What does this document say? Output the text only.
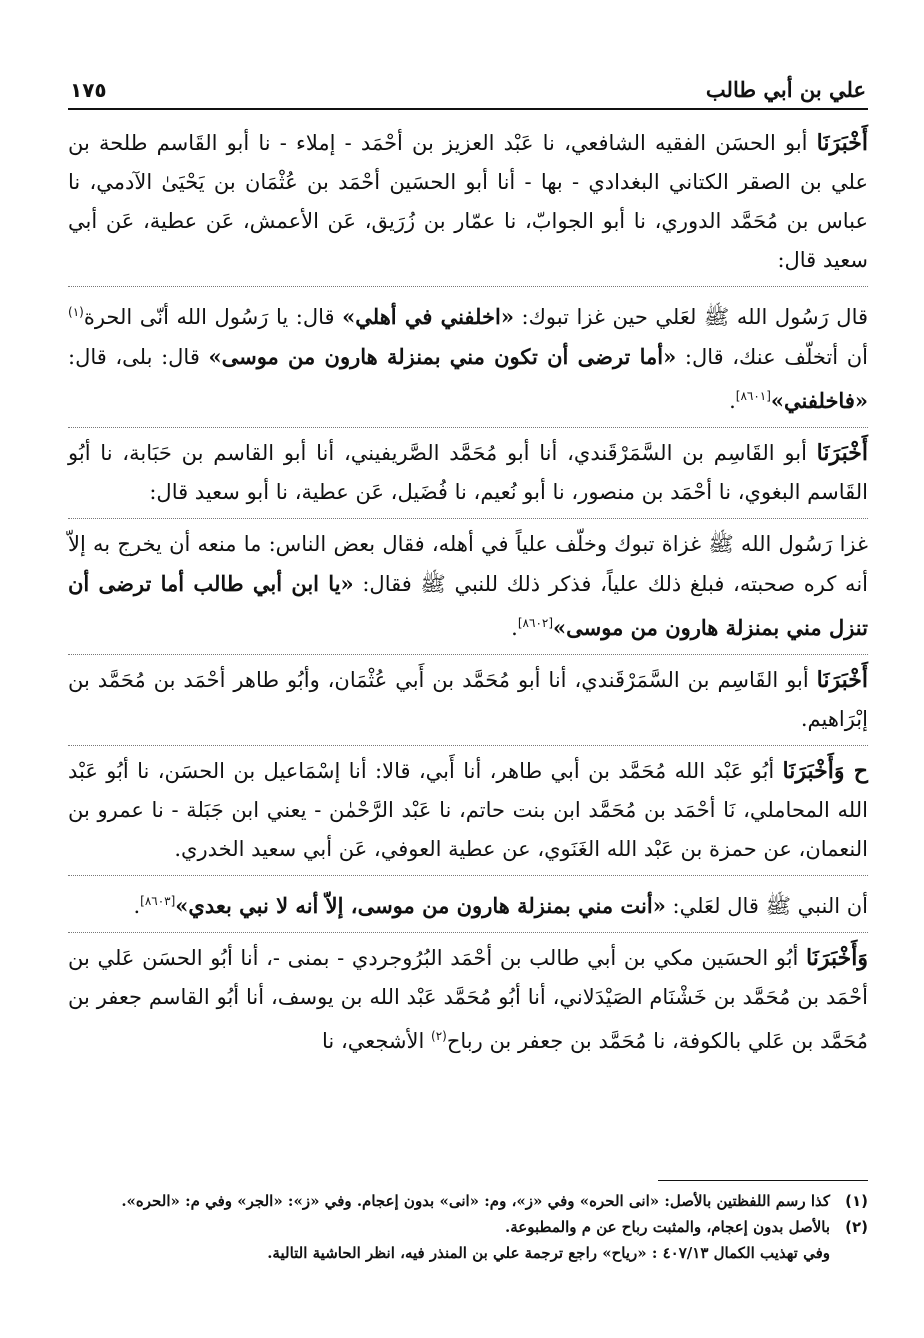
علي بن أبي طالب
١٧٥

أَخْبَرَنَا أبو الحسَن الفقيه الشافعي، نا عَبْد العزيز بن أحْمَد - إملاء - نا أبو القَاسم طلحة بن علي بن الصقر الكتاني البغدادي - بها - أنا أبو الحسَين أحْمَد بن عُثْمَان بن يَحْيَىٰ الآدمي، نا عباس بن مُحَمَّد الدوري، نا أبو الجوابّ، نا عمّار بن زُرَيق، عَن الأعمش، عَن عطية، عَن أبي سعيد قال:

قال رَسُول الله ﷺ لعَلي حين غزا تبوك: «اخلفني في أهلي» قال: يا رَسُول الله أنّى الحرة$^{(١)}$ أن أتخلّف عنك، قال: «أما ترضى أن تكون مني بمنزلة هارون من موسى» قال: بلى، قال: «فاخلفني»[٨٦٠١].

أَخْبَرَنَا أبو القَاسِم بن السَّمَرْقَندي، أنا أبو مُحَمَّد الصَّريفيني، أنا أبو القاسم بن حَبَابة، نا أبُو القَاسم البغوي، نا أحْمَد بن منصور، نا أبو نُعيم، نا فُضَيل، عَن عطية، نا أبو سعيد قال:

غزا رَسُول الله ﷺ غزاة تبوك وخلّف علياً في أهله، فقال بعض الناس: ما منعه أن يخرج به إلاّ أنه كره صحبته، فبلغ ذلك علياً، فذكر ذلك للنبي ﷺ فقال: «يا ابن أبي طالب أما ترضى أن تنزل مني بمنزلة هارون من موسى»[٨٦٠٢].

أَخْبَرَنَا أبو القَاسِم بن السَّمَرْقَندي، أنا أبو مُحَمَّد بن أَبي عُثْمَان، وأبُو طاهر أحْمَد بن مُحَمَّد بن إبْرَاهيم.

ح وَأَخْبَرَنَا أبُو عَبْد الله مُحَمَّد بن أبي طاهر، أنا أَبي، قالا: أنا إسْمَاعيل بن الحسَن، نا أبُو عَبْد الله المحاملي، نَا أحْمَد بن مُحَمَّد ابن بنت حاتم، نا عَبْد الرَّحْمٰن - يعني ابن جَبَلة - نا عمرو بن النعمان، عن حمزة بن عَبْد الله الغَنَوي، عن عطية العوفي، عَن أبي سعيد الخدري.

أن النبي ﷺ قال لعَلي: «أنت مني بمنزلة هارون من موسى، إلاّ أنه لا نبي بعدي»[٨٦٠٣].

وَأَخْبَرَنَا أبُو الحسَين مكي بن أبي طالب بن أحْمَد البُرُوجردي - بمنى -، أنا أبُو الحسَن عَلي بن أحْمَد بن مُحَمَّد بن خَشْنَام الصَيْدَلاني، أنا أبُو مُحَمَّد عَبْد الله بن يوسف، أنا أبُو القاسم جعفر بن مُحَمَّد بن عَلي بالكوفة، نا مُحَمَّد بن جعفر بن رباح$^{(٢)}$ الأشجعي، نا

(١)
كذا رسم اللفظتين بالأصل: «انى الحره» وفي «ز»، وم: «انى» بدون إعجام. وفي «ز»: «الجر» وفي م: «الحره».

(٢)
بالأصل بدون إعجام، والمثبت رباح عن م والمطبوعة.

وفي تهذيب الكمال ٤٠٧/١٣ : «رياح» راجع ترجمة علي بن المنذر فيه، انظر الحاشية التالية.
